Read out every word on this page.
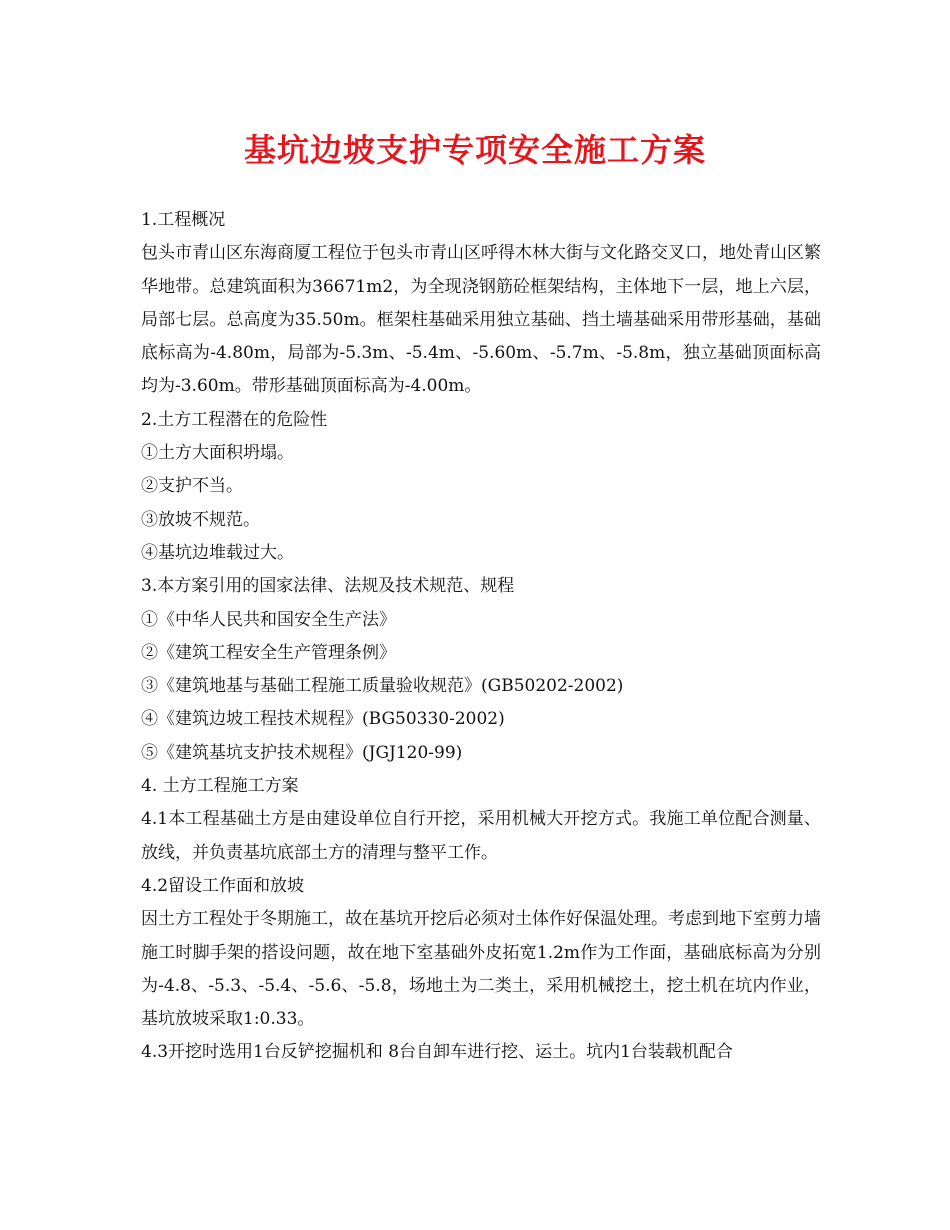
基坑边坡支护专项安全施工方案

1.工程概况

包头市青山区东海商厦工程位于包头市青山区呼得木林大街与文化路交叉口，地处青山区繁华地带。总建筑面积为36671m2，为全现浇钢筋砼框架结构，主体地下一层，地上六层，局部七层。总高度为35.50m。框架柱基础采用独立基础、挡土墙基础采用带形基础，基础底标高为-4.80m，局部为-5.3m、-5.4m、-5.60m、-5.7m、-5.8m，独立基础顶面标高均为-3.60m。带形基础顶面标高为-4.00m。

2.土方工程潜在的危险性

①土方大面积坍塌。

②支护不当。

③放坡不规范。

④基坑边堆载过大。

3.本方案引用的国家法律、法规及技术规范、规程

①《中华人民共和国安全生产法》

②《建筑工程安全生产管理条例》

③《建筑地基与基础工程施工质量验收规范》(GB50202-2002)

④《建筑边坡工程技术规程》(BG50330-2002)

⑤《建筑基坑支护技术规程》(JGJ120-99)

4. 土方工程施工方案

4.1本工程基础土方是由建设单位自行开挖，采用机械大开挖方式。我施工单位配合测量、放线，并负责基坑底部土方的清理与整平工作。

4.2留设工作面和放坡

因土方工程处于冬期施工，故在基坑开挖后必须对土体作好保温处理。考虑到地下室剪力墙施工时脚手架的搭设问题，故在地下室基础外皮拓宽1.2m作为工作面，基础底标高为分别为-4.8、-5.3、-5.4、-5.6、-5.8，场地土为二类土，采用机械挖土，挖土机在坑内作业，基坑放坡采取1:0.33。

4.3开挖时选用1台反铲挖掘机和 8台自卸车进行挖、运土。坑内1台装载机配合
